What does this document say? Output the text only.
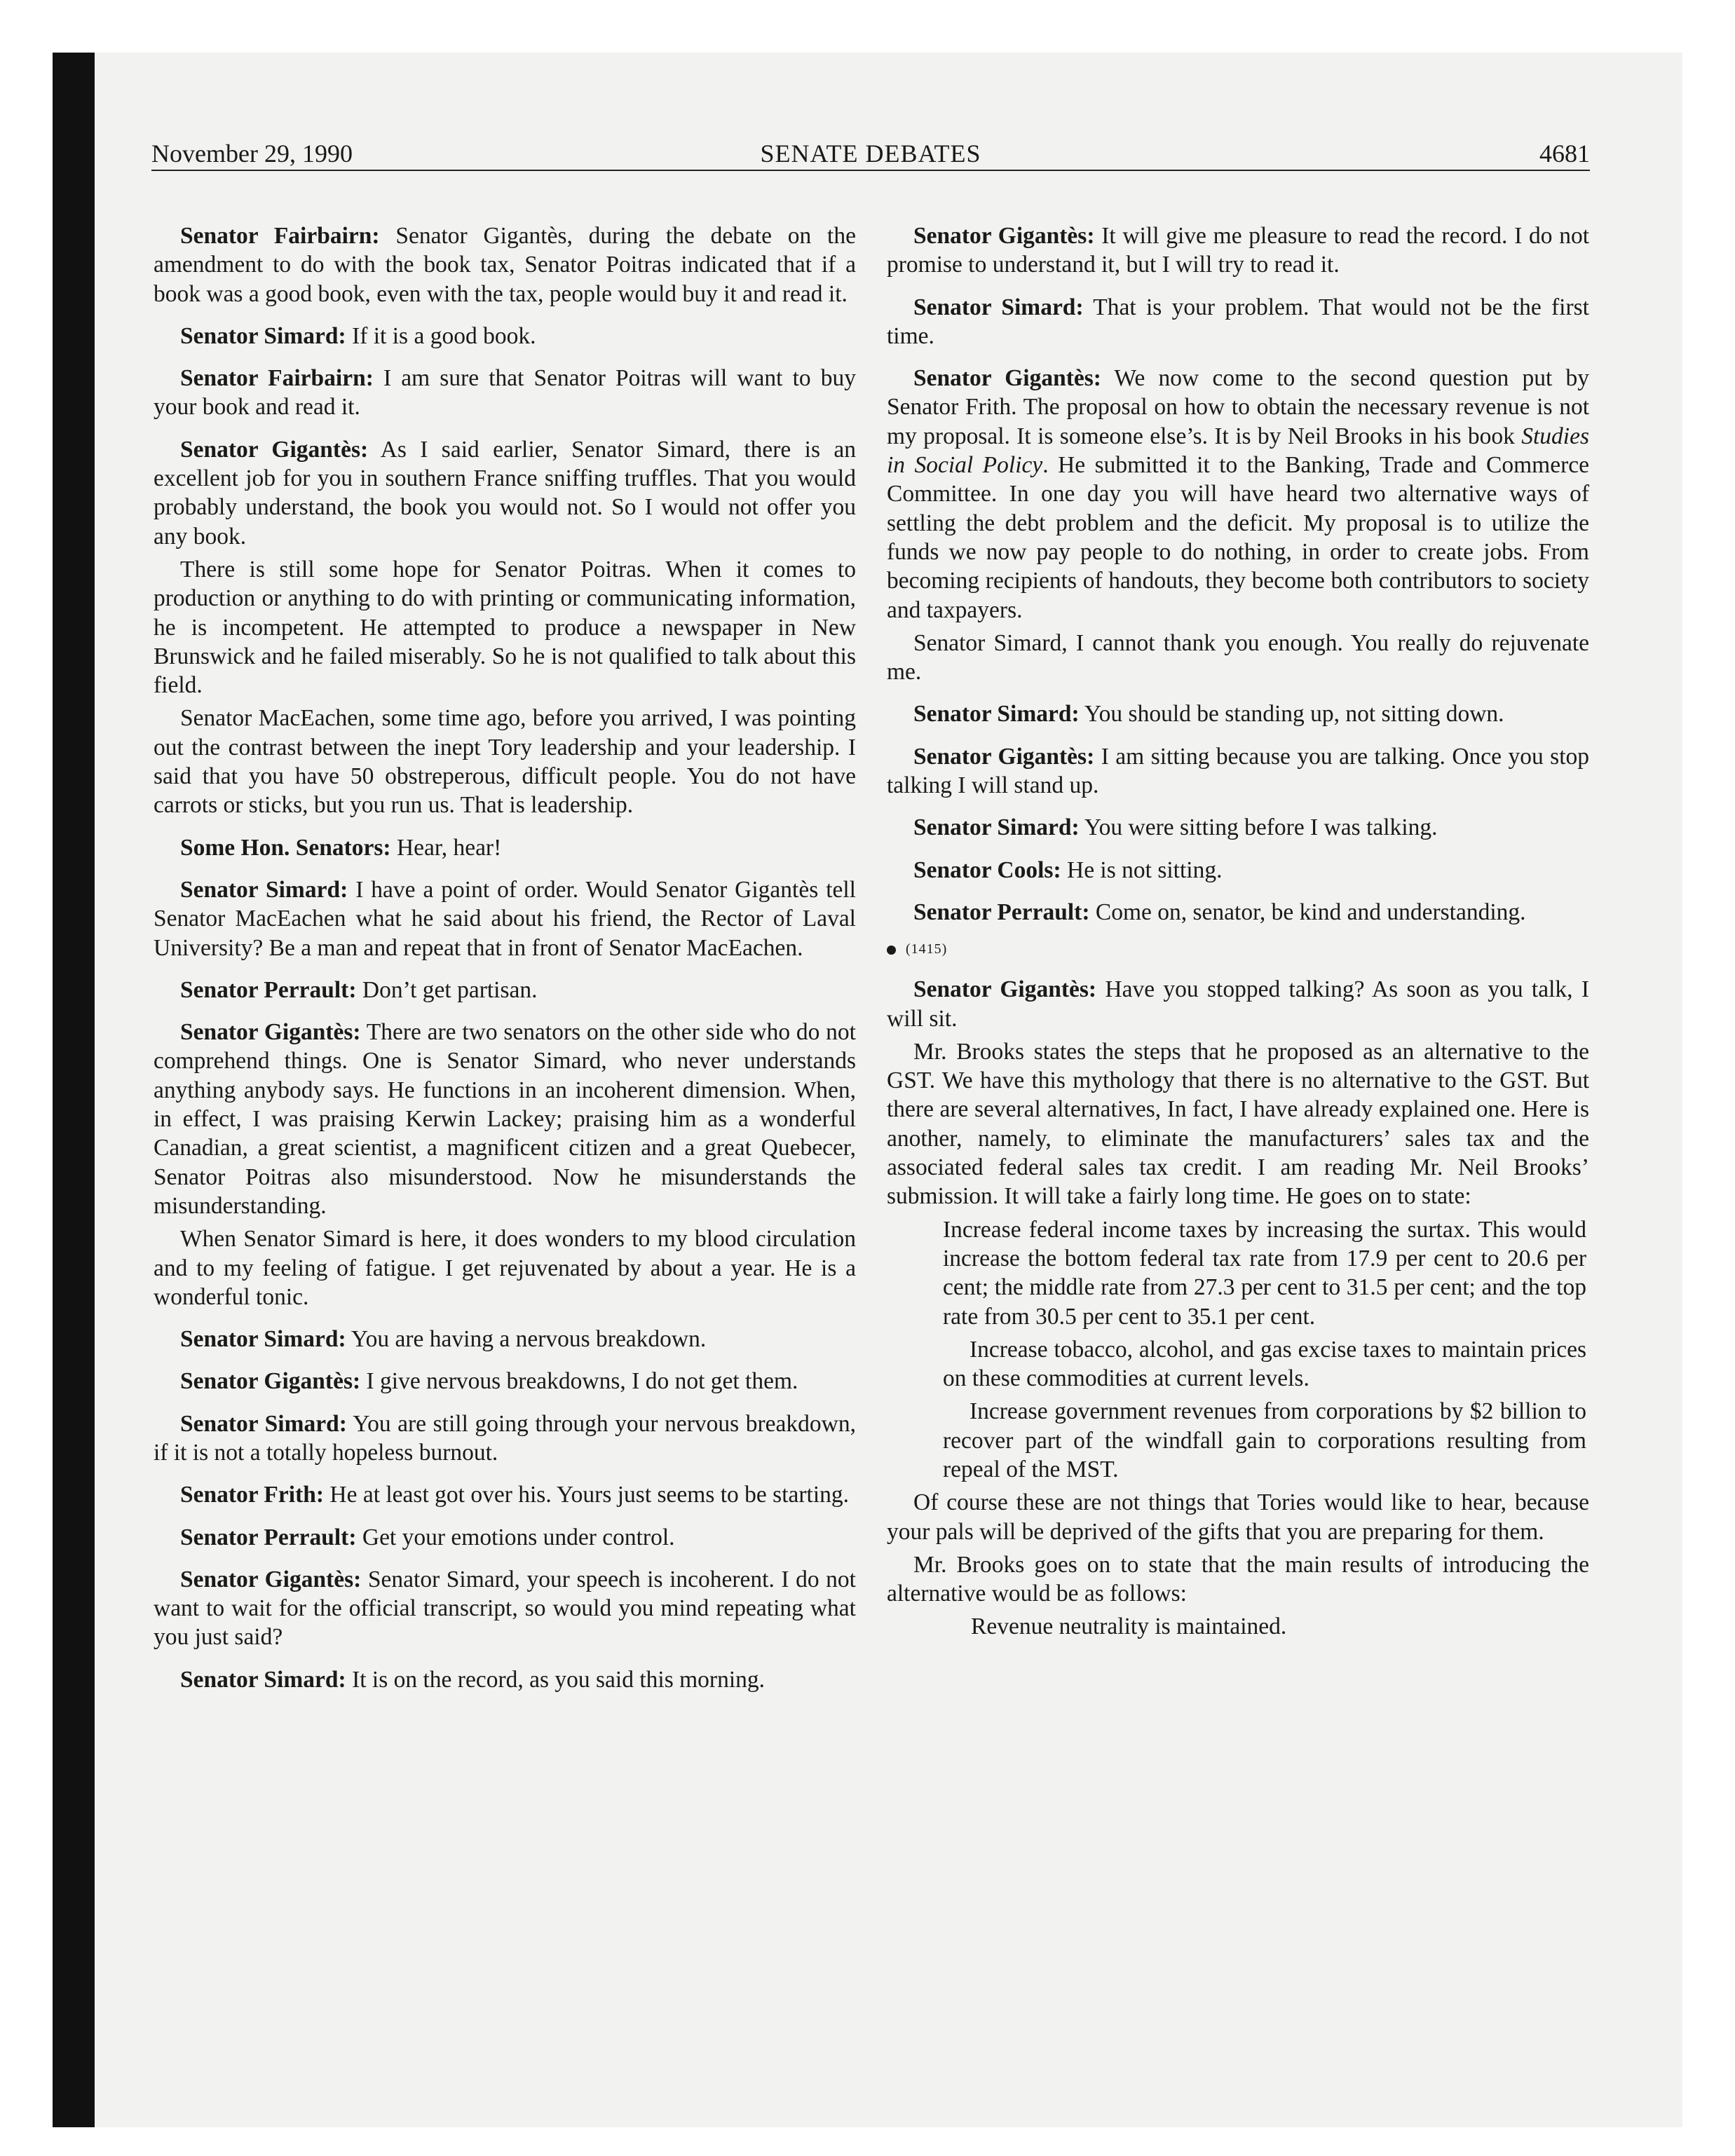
November 29, 1990	SENATE DEBATES	4681

Senator Fairbairn: Senator Gigantès, during the debate on the amendment to do with the book tax, Senator Poitras indicated that if a book was a good book, even with the tax, people would buy it and read it.

Senator Simard: If it is a good book.

Senator Fairbairn: I am sure that Senator Poitras will want to buy your book and read it.

Senator Gigantès: As I said earlier, Senator Simard, there is an excellent job for you in southern France sniffing truffles. That you would probably understand, the book you would not. So I would not offer you any book.

There is still some hope for Senator Poitras. When it comes to production or anything to do with printing or communicating information, he is incompetent. He attempted to produce a newspaper in New Brunswick and he failed miserably. So he is not qualified to talk about this field.

Senator MacEachen, some time ago, before you arrived, I was pointing out the contrast between the inept Tory leadership and your leadership. I said that you have 50 obstreperous, difficult people. You do not have carrots or sticks, but you run us. That is leadership.

Some Hon. Senators: Hear, hear!

Senator Simard: I have a point of order. Would Senator Gigantès tell Senator MacEachen what he said about his friend, the Rector of Laval University? Be a man and repeat that in front of Senator MacEachen.

Senator Perrault: Don’t get partisan.

Senator Gigantès: There are two senators on the other side who do not comprehend things. One is Senator Simard, who never understands anything anybody says. He functions in an incoherent dimension. When, in effect, I was praising Kerwin Lackey; praising him as a wonderful Canadian, a great scientist, a magnificent citizen and a great Quebecer, Senator Poitras also misunderstood. Now he misunderstands the misunderstanding.

When Senator Simard is here, it does wonders to my blood circulation and to my feeling of fatigue. I get rejuvenated by about a year. He is a wonderful tonic.

Senator Simard: You are having a nervous breakdown.

Senator Gigantès: I give nervous breakdowns, I do not get them.

Senator Simard: You are still going through your nervous breakdown, if it is not a totally hopeless burnout.

Senator Frith: He at least got over his. Yours just seems to be starting.

Senator Perrault: Get your emotions under control.

Senator Gigantès: Senator Simard, your speech is incoherent. I do not want to wait for the official transcript, so would you mind repeating what you just said?

Senator Simard: It is on the record, as you said this morning.

Senator Gigantès: It will give me pleasure to read the record. I do not promise to understand it, but I will try to read it.

Senator Simard: That is your problem. That would not be the first time.

Senator Gigantès: We now come to the second question put by Senator Frith. The proposal on how to obtain the necessary revenue is not my proposal. It is someone else’s. It is by Neil Brooks in his book Studies in Social Policy. He submitted it to the Banking, Trade and Commerce Committee. In one day you will have heard two alternative ways of settling the debt problem and the deficit. My proposal is to utilize the funds we now pay people to do nothing, in order to create jobs. From becoming recipients of handouts, they become both contributors to society and taxpayers.

Senator Simard, I cannot thank you enough. You really do rejuvenate me.

Senator Simard: You should be standing up, not sitting down.

Senator Gigantès: I am sitting because you are talking. Once you stop talking I will stand up.

Senator Simard: You were sitting before I was talking.

Senator Cools: He is not sitting.

Senator Perrault: Come on, senator, be kind and understanding.

(1415)

Senator Gigantès: Have you stopped talking? As soon as you talk, I will sit.

Mr. Brooks states the steps that he proposed as an alternative to the GST. We have this mythology that there is no alternative to the GST. But there are several alternatives, In fact, I have already explained one. Here is another, namely, to eliminate the manufacturers’ sales tax and the associated federal sales tax credit. I am reading Mr. Neil Brooks’ submission. It will take a fairly long time. He goes on to state:

Increase federal income taxes by increasing the surtax. This would increase the bottom federal tax rate from 17.9 per cent to 20.6 per cent; the middle rate from 27.3 per cent to 31.5 per cent; and the top rate from 30.5 per cent to 35.1 per cent.

Increase tobacco, alcohol, and gas excise taxes to maintain prices on these commodities at current levels.

Increase government revenues from corporations by $2 billion to recover part of the windfall gain to corporations resulting from repeal of the MST.

Of course these are not things that Tories would like to hear, because your pals will be deprived of the gifts that you are preparing for them.

Mr. Brooks goes on to state that the main results of introducing the alternative would be as follows:

Revenue neutrality is maintained.
